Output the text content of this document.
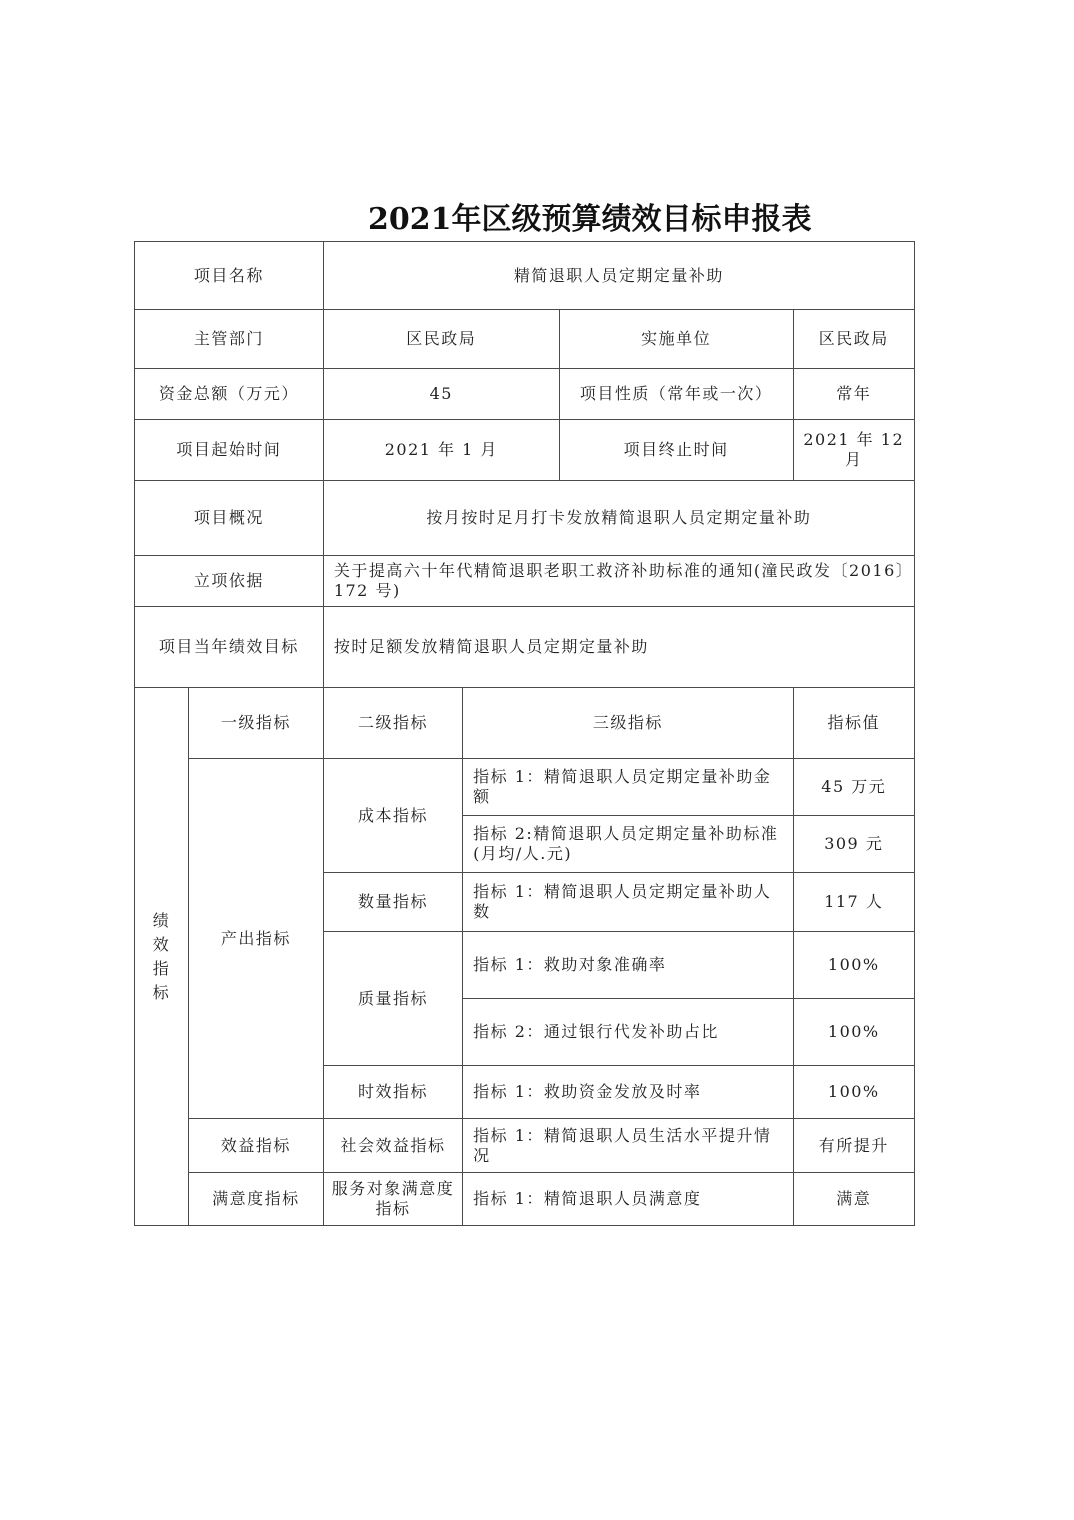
2021年区级预算绩效目标申报表
项目名称		精简退职人员定期定量补助			
主管部门		区民政局		实施单位	区民政局
资金总额（万元）		45		项目性质（常年或一次）	常年
项目起始时间		2021 年 1 月		项目终止时间	2021 年 12 月
项目概况		按月按时足月打卡发放精简退职人员定期定量补助			
立项依据		关于提高六十年代精简退职老职工救济补助标准的通知(潼民政发〔2016〕172 号)			
项目当年绩效目标		按时足额发放精简退职人员定期定量补助			

绩效指标	一级指标	二级指标	三级指标		指标值
	产出指标	成本指标	指标 1：精简退职人员定期定量补助金额		45 万元
			指标 2:精简退职人员定期定量补助标准(月均/人.元)		309 元
		数量指标	指标 1：精简退职人员定期定量补助人数		117 人
		质量指标	指标 1：救助对象准确率		100%
			指标 2：通过银行代发补助占比		100%
		时效指标	指标 1：救助资金发放及时率		100%
	效益指标	社会效益指标	指标 1：精简退职人员生活水平提升情况		有所提升
	满意度指标	服务对象满意度指标	指标 1：精简退职人员满意度		满意
